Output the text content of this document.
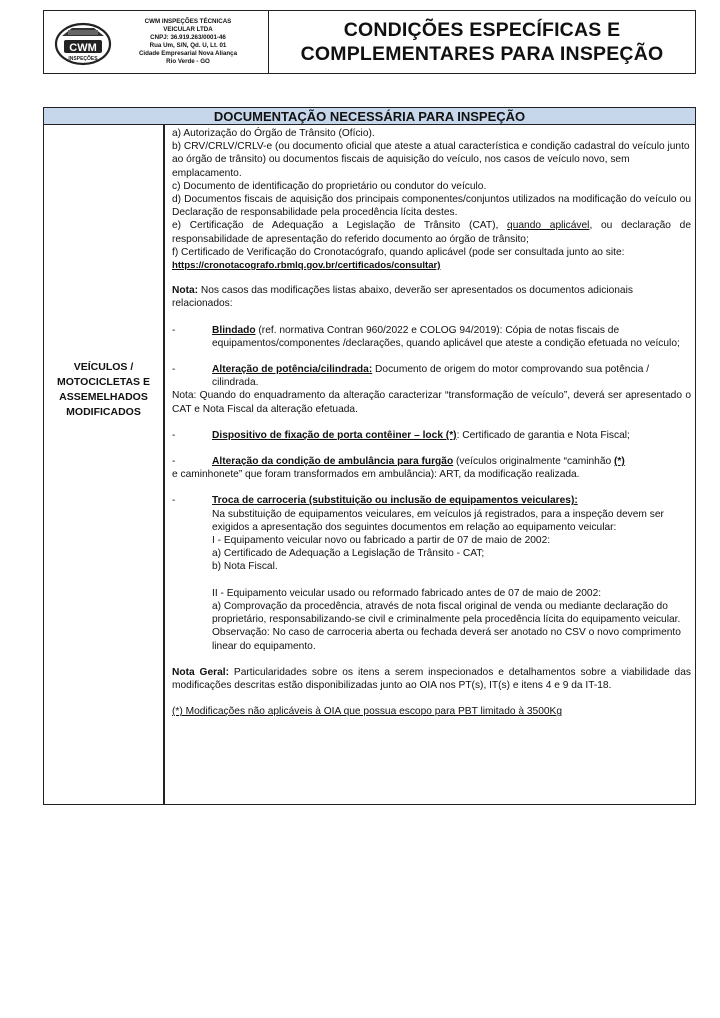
CWM
INSPEÇÕES
CWM INSPEÇÕES TÉCNICAS
VEICULAR LTDA
CNPJ: 36.919.263/0001-46
Rua Um, S/N, Qd. U, Lt. 01
Cidade Empresarial Nova Aliança
Rio Verde - GO
CONDIÇÕES ESPECÍFICAS E
COMPLEMENTARES PARA INSPEÇÃO
DOCUMENTAÇÃO NECESSÁRIA PARA INSPEÇÃO
VEÍCULOS /
MOTOCICLETAS E
ASSEMELHADOS
MODIFICADOS

a) Autorização do Órgão de Trânsito (Ofício).

b) CRV/CRLV/CRLV-e (ou documento oficial que ateste a atual característica e condição cadastral do veículo junto ao órgão de trânsito) ou documentos fiscais de aquisição do veículo, nos casos de veículo novo, sem emplacamento.

c) Documento de identificação do proprietário ou condutor do veículo.

d) Documentos fiscais de aquisição dos principais componentes/conjuntos utilizados na modificação do veículo ou Declaração de responsabilidade pela procedência lícita destes.

e) Certificação de Adequação a Legislação de Trânsito (CAT), quando aplicável, ou declaração de responsabilidade de apresentação do referido documento ao órgão de trânsito;

f) Certificado de Verificação do Cronotacógrafo, quando aplicável (pode ser consultada junto ao site:

https://cronotacografo.rbmlq.gov.br/certificados/consultar)

Nota: Nos casos das modificações listas abaixo, deverão ser apresentados os documentos adicionais relacionados:

-	Blindado (ref. normativa Contran 960/2022 e COLOG 94/2019): Cópia de notas fiscais de equipamentos/componentes /declarações, quando aplicável que ateste a condição efetuada no veículo;

-	Alteração de potência/cilindrada: Documento de origem do motor comprovando sua potência / cilindrada.

Nota: Quando do enquadramento da alteração caracterizar “transformação de veículo”, deverá ser apresentado o CAT e Nota Fiscal da alteração efetuada.

-	Dispositivo de fixação de porta contêiner – lock (*): Certificado de garantia e Nota Fiscal;

-	Alteração da condição de ambulância para furgão (veículos originalmente “caminhão (*)

e caminhonete” que foram transformados em ambulância): ART, da modificação realizada.

-	Troca de carroceria (substituição ou inclusão de equipamentos veiculares):

Na substituição de equipamentos veiculares, em veículos já registrados, para a inspeção devem ser exigidos a apresentação dos seguintes documentos em relação ao equipamento veicular:

I - Equipamento veicular novo ou fabricado a partir de 07 de maio de 2002:

a) Certificado de Adequação a Legislação de Trânsito - CAT;

b) Nota Fiscal.

II - Equipamento veicular usado ou reformado fabricado antes de 07 de maio de 2002:

a) Comprovação da procedência, através de nota fiscal original de venda ou mediante declaração do proprietário, responsabilizando-se civil e criminalmente pela procedência lícita do equipamento veicular.

Observação: No caso de carroceria aberta ou fechada deverá ser anotado no CSV o novo comprimento linear do equipamento.

Nota Geral: Particularidades sobre os itens a serem inspecionados e detalhamentos sobre a viabilidade das modificações descritas estão disponibilizadas junto ao OIA nos PT(s), IT(s) e itens 4 e 9 da IT-18.

(*) Modificações não aplicáveis à OIA que possua escopo para PBT limitado à 3500Kg
